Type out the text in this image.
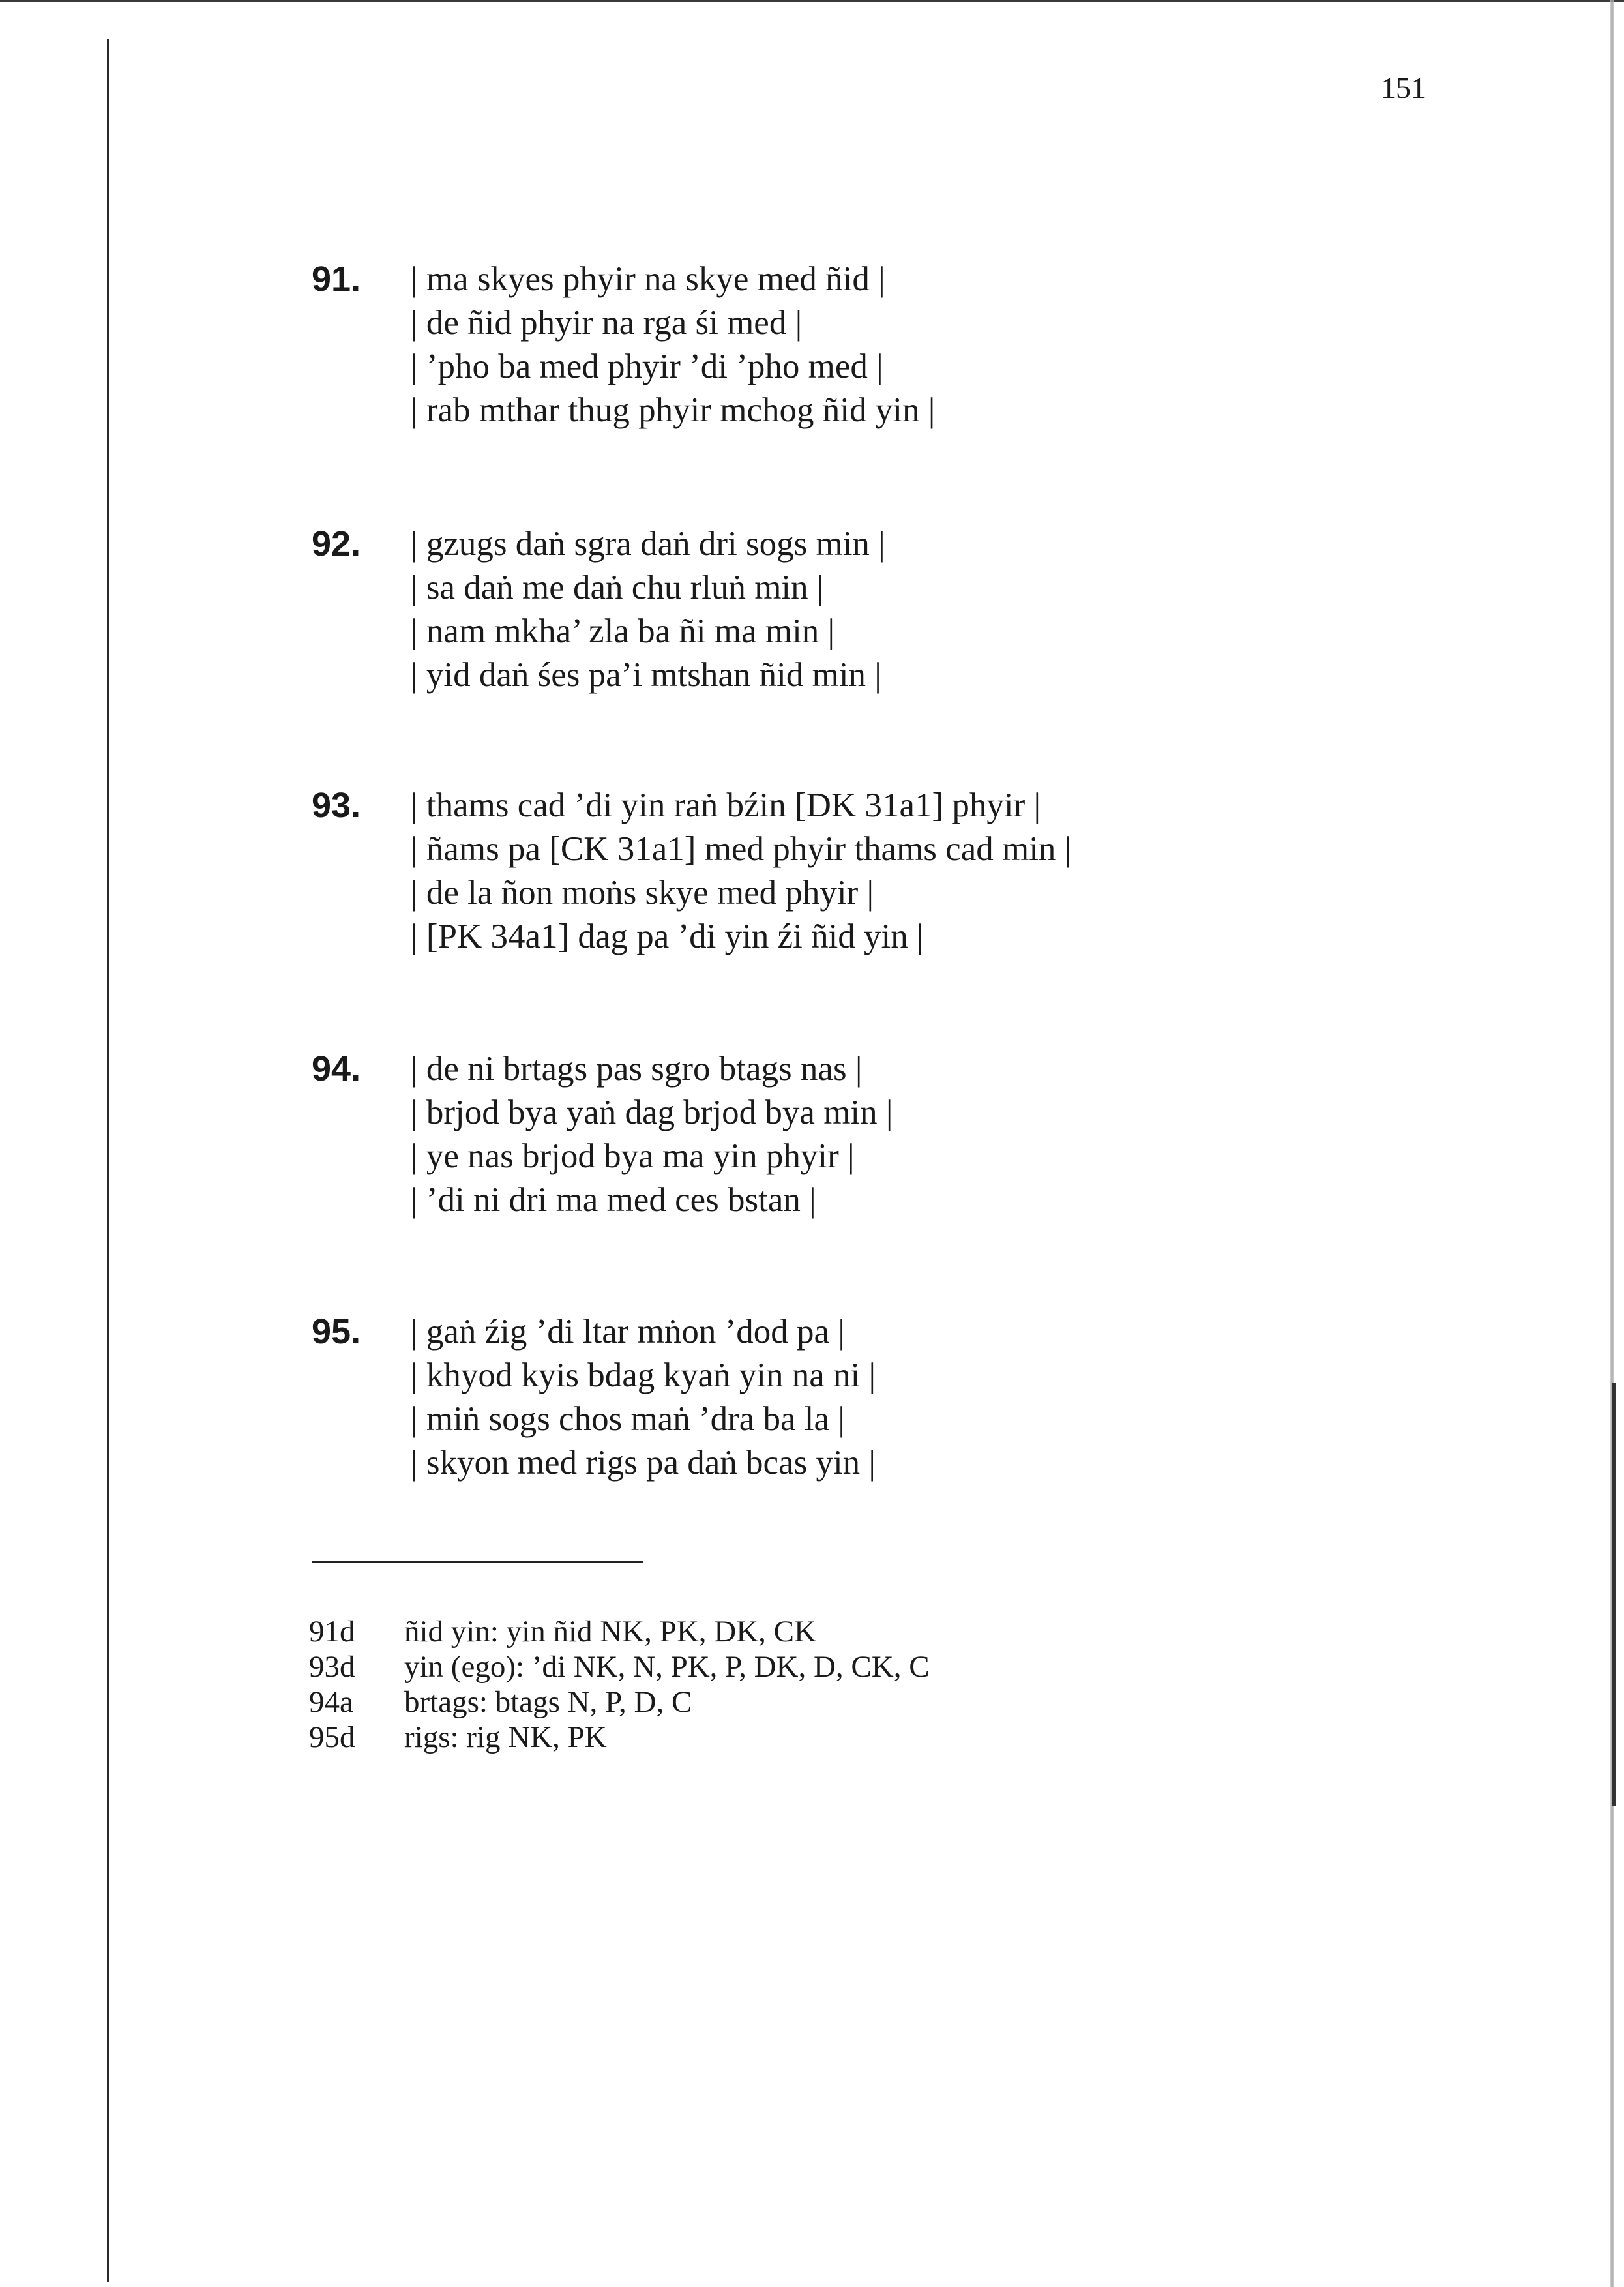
151
91. | ma skyes phyir na skye med ñid |
| de ñid phyir na rga śi med |
| ’pho ba med phyir ’di ’pho med |
| rab mthar thug phyir mchog ñid yin |
92. | gzugs daṅ sgra daṅ dri sogs min |
| sa daṅ me daṅ chu rluṅ min |
| nam mkha’ zla ba ñi ma min |
| yid daṅ śes pa’i mtshan ñid min |
93. | thams cad ’di yin raṅ bźin [DK 31a1] phyir |
| ñams pa [CK 31a1] med phyir thams cad min |
| de la ñon moṅs skye med phyir |
| [PK 34a1] dag pa ’di yin źi ñid yin |
94. | de ni brtags pas sgro btags nas |
| brjod bya yaṅ dag brjod bya min |
| ye nas brjod bya ma yin phyir |
| ’di ni dri ma med ces bstan |
95. | gaṅ źig ’di ltar mṅon ’dod pa |
| khyod kyis bdag kyaṅ yin na ni |
| miṅ sogs chos maṅ ’dra ba la |
| skyon med rigs pa daṅ bcas yin |
91d	ñid yin: yin ñid NK, PK, DK, CK
93d	yin (ego): ’di NK, N, PK, P, DK, D, CK, C
94a	brtags: btags N, P, D, C
95d	rigs: rig NK, PK
